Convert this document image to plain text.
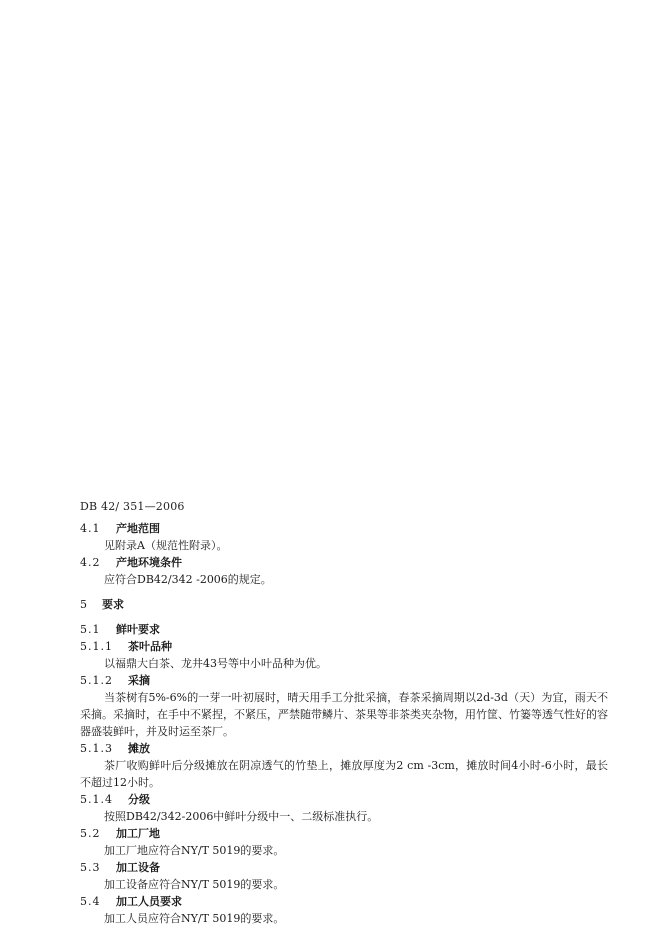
DB 42/ 351—2006
4.1 产地范围
见附录A（规范性附录）。
4.2 产地环境条件
应符合DB42/342 -2006的规定。
5 要求
5.1 鲜叶要求
5.1.1 茶叶品种
以福鼎大白茶、龙井43号等中小叶品种为优。
5.1.2 采摘
当茶树有5%-6%的一芽一叶初展时，晴天用手工分批采摘，春茶采摘周期以2d-3d（天）为宜，雨天不采摘。采摘时，在手中不紧捏，不紧压，严禁随带鳞片、茶果等非茶类夹杂物，用竹筐、竹篓等透气性好的容器盛装鲜叶，并及时运至茶厂。
5.1.3 摊放
茶厂收购鲜叶后分级摊放在阴凉透气的竹垫上，摊放厚度为2 cm -3cm，摊放时间4小时-6小时，最长不超过12小时。
5.1.4 分级
按照DB42/342-2006中鲜叶分级中一、二级标准执行。
5.2 加工厂地
加工厂地应符合NY/T 5019的要求。
5.3 加工设备
加工设备应符合NY/T 5019的要求。
5.4 加工人员要求
加工人员应符合NY/T 5019的要求。
